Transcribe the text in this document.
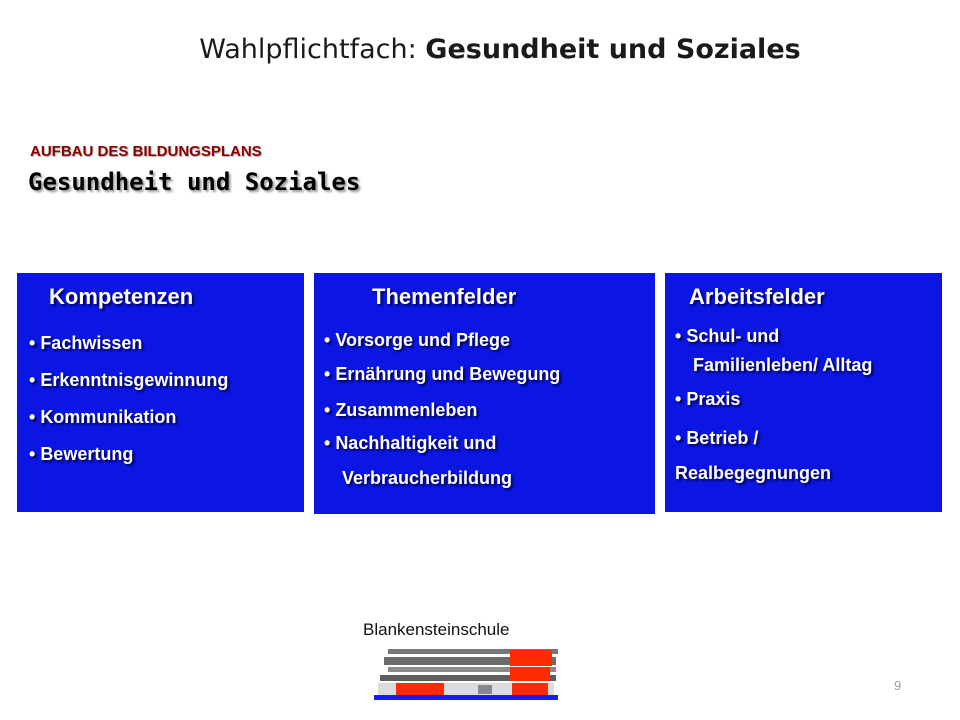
Wahlpflichtfach: Gesundheit und Soziales
AUFBAU DES BILDUNGSPLANS
Gesundheit und Soziales
Kompetenzen
• Fachwissen
• Erkenntnisgewinnung
• Kommunikation
• Bewertung
Themenfelder
• Vorsorge und Pflege
• Ernährung und Bewegung
• Zusammenleben
• Nachhaltigkeit und
Verbraucherbildung
Arbeitsfelder
• Schul- und
Familienleben/ Alltag
• Praxis
• Betrieb /
Realbegegnungen
Blankensteinschule
9
